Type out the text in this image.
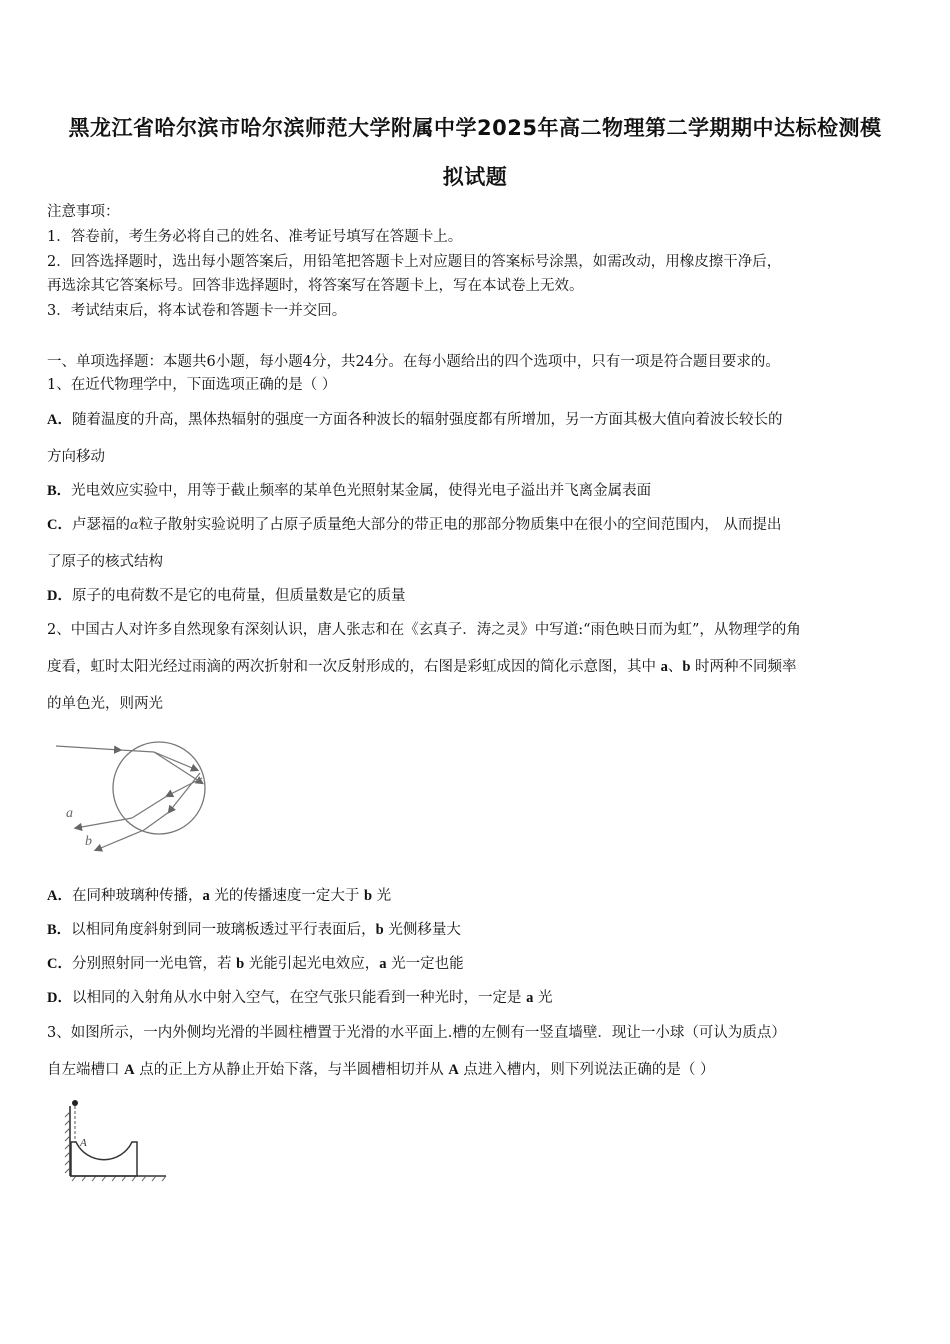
黑龙江省哈尔滨市哈尔滨师范大学附属中学2025年高二物理第二学期期中达标检测模
拟试题
注意事项：
1．答卷前，考生务必将自己的姓名、准考证号填写在答题卡上。
2．回答选择题时，选出每小题答案后，用铅笔把答题卡上对应题目的答案标号涂黑，如需改动，用橡皮擦干净后，
再选涂其它答案标号。回答非选择题时，将答案写在答题卡上，写在本试卷上无效。
3．考试结束后，将本试卷和答题卡一并交回。
一、单项选择题：本题共6小题，每小题4分，共24分。在每小题给出的四个选项中，只有一项是符合题目要求的。
1、在近代物理学中，下面选项正确的是（ ）
A．随着温度的升高，黑体热辐射的强度一方面各种波长的辐射强度都有所增加，另一方面其极大值向着波长较长的
方向移动
B．光电效应实验中，用等于截止频率的某单色光照射某金属，使得光电子溢出并飞离金属表面
C．卢瑟福的α粒子散射实验说明了占原子质量绝大部分的带正电的那部分物质集中在很小的空间范围内， 从而提出
了原子的核式结构
D．原子的电荷数不是它的电荷量，但质量数是它的质量
2、中国古人对许多自然现象有深刻认识，唐人张志和在《玄真子．涛之灵》中写道:“雨色映日而为虹”，从物理学的角
度看，虹时太阳光经过雨滴的两次折射和一次反射形成的，右图是彩虹成因的简化示意图，其中 a、b 时两种不同频率
的单色光，则两光
a
b
A．在同种玻璃种传播，a 光的传播速度一定大于 b 光
B．以相同角度斜射到同一玻璃板透过平行表面后，b 光侧移量大
C．分别照射同一光电管，若 b 光能引起光电效应，a 光一定也能
D．以相同的入射角从水中射入空气，在空气张只能看到一种光时，一定是 a 光
3、如图所示，一内外侧均光滑的半圆柱槽置于光滑的水平面上.槽的左侧有一竖直墙壁．现让一小球（可认为质点）
自左端槽口 A 点的正上方从静止开始下落，与半圆槽相切并从 A 点进入槽内，则下列说法正确的是（ ）
A
